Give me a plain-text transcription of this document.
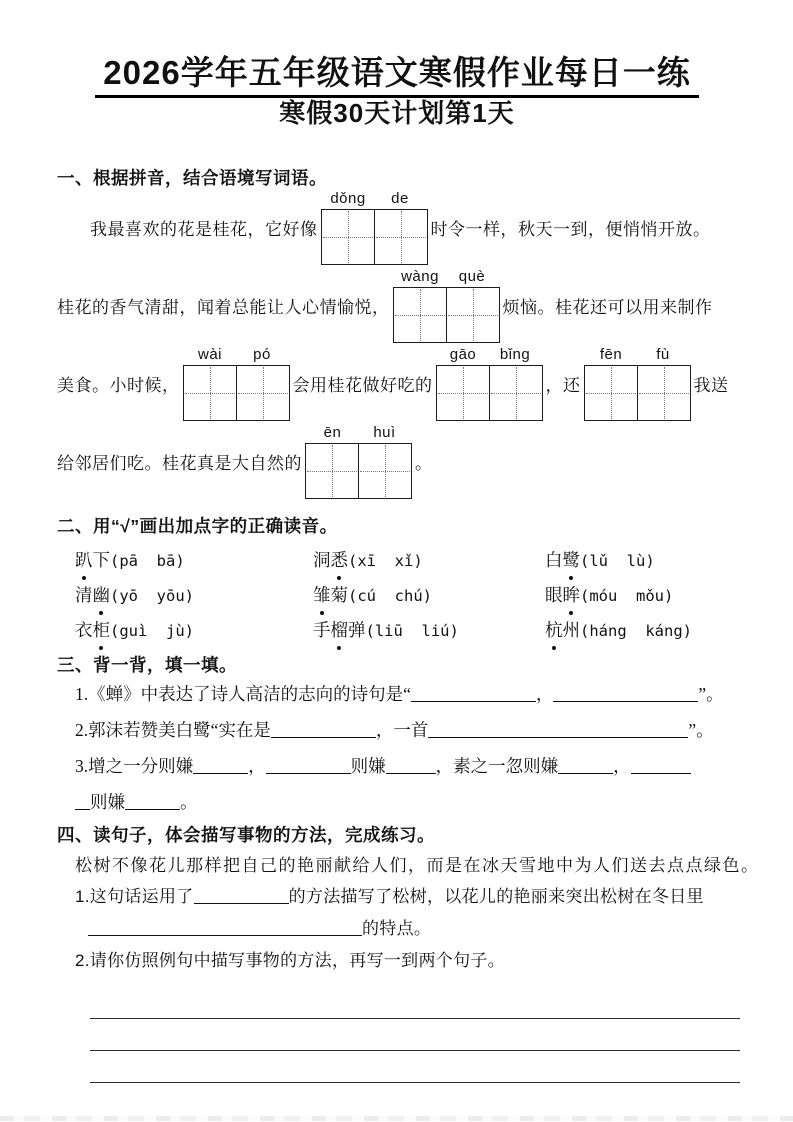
2026学年五年级语文寒假作业每日一练
寒假30天计划第1天
一、根据拼音，结合语境写词语。
我最喜欢的花是桂花，它好像
dǒng	de
时令一样，秋天一到，便悄悄开放。
桂花的香气清甜，闻着总能让人心情愉悦，
wàng	què
烦恼。桂花还可以用来制作
美食。小时候，
wài	pó
会用桂花做好吃的
gāo	bǐng
，还
fēn	fù
我送
给邻居们吃。桂花真是大自然的
ēn	huì
。
二、用“√”画出加点字的正确读音。
趴下(pā  bā)	洞悉(xī  xǐ)	白鹭(lǔ  lù)
清幽(yō  yōu)	雏菊(cú  chú)	眼眸(móu  mǒu)
衣柜(guì  jù)	手榴弹(liū  liú)	杭州(háng  káng)
三、背一背，填一填。
1.《蝉》中表达了诗人高洁的志向的诗句是“	，	”。
2.郭沫若赞美白鹭“实在是	，一首	”。
3.增之一分则嫌	，	则嫌	，素之一忽则嫌	，
则嫌	。
四、读句子，体会描写事物的方法，完成练习。
松树不像花儿那样把自己的艳丽献给人们，而是在冰天雪地中为人们送去点点绿色。
1.这句话运用了	的方法描写了松树，以花儿的艳丽来突出松树在冬日里
的特点。
2.请你仿照例句中描写事物的方法，再写一到两个句子。
